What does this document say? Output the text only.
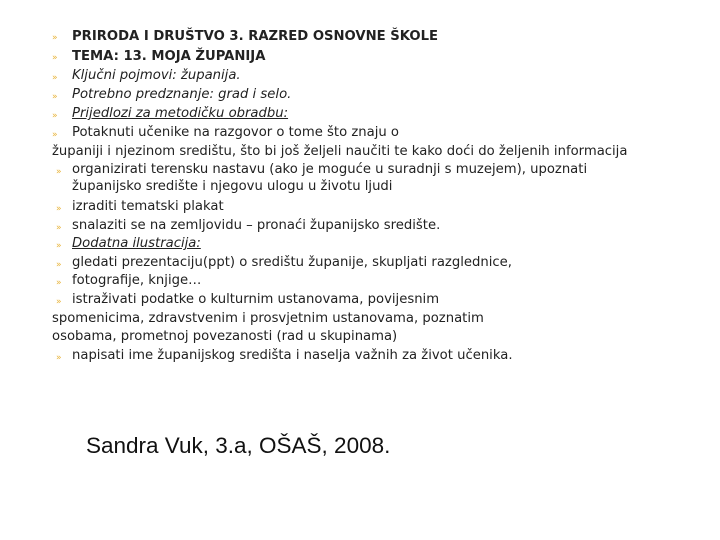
»
»
»
»
»
»
»
»
»
»
»
»
»
»
PRIRODA I DRUŠTVO 3. RAZRED OSNOVNE ŠKOLE
TEMA: 13. MOJA ŽUPANIJA
Ključni pojmovi: županija.
Potrebno predznanje: grad i selo.
Prijedlozi za metodičku obradbu:
Potaknuti učenike na razgovor o tome što znaju o
županiji i njezinom središtu, što bi još željeli naučiti te kako doći do željenih informacija
organizirati terensku nastavu (ako je moguće u suradnji s muzejem), upoznati
županijsko središte i njegovu ulogu u životu ljudi
izraditi tematski plakat
snalaziti se na zemljovidu – pronaći županijsko središte.
Dodatna ilustracija:
gledati prezentaciju(ppt) o središtu županije, skupljati razglednice,
fotografije, knjige…
istraživati podatke o kulturnim ustanovama, povijesnim
spomenicima, zdravstvenim i prosvjetnim ustanovama, poznatim
osobama, prometnoj povezanosti (rad u skupinama)
napisati ime županijskog središta i naselja važnih za život učenika.
Sandra Vuk, 3.a, OŠAŠ, 2008.
